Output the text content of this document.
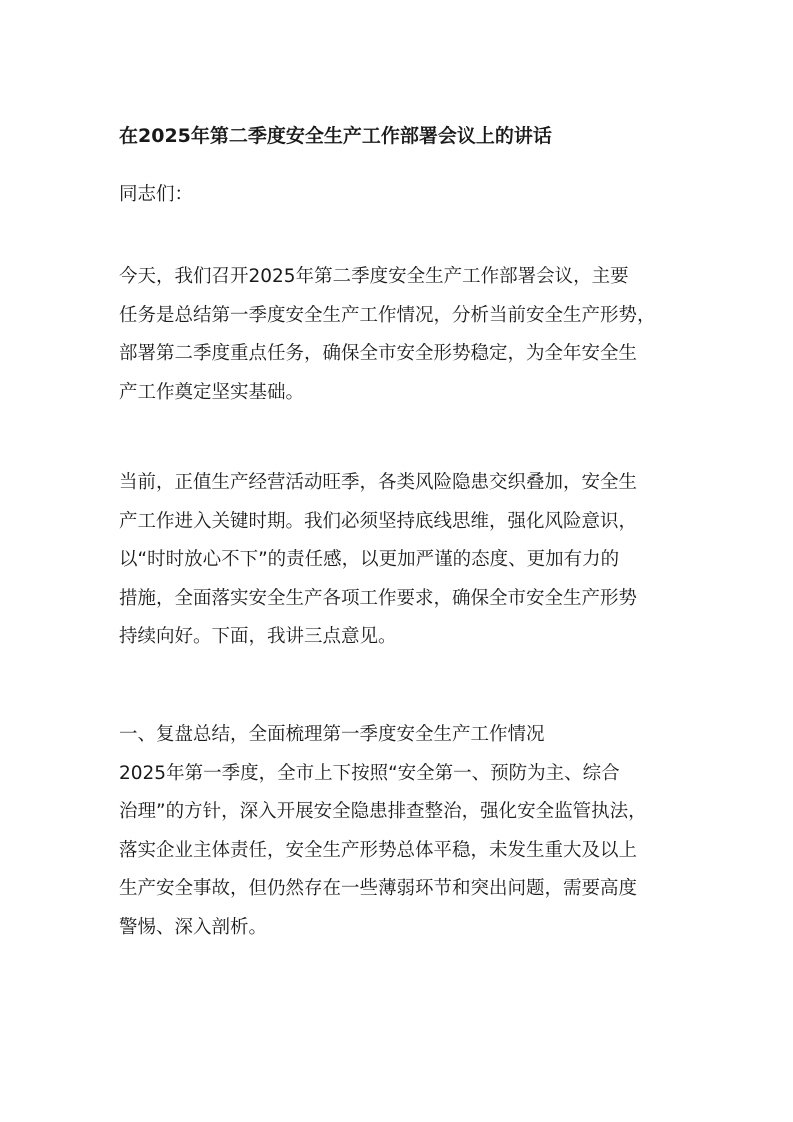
在2025年第二季度安全生产工作部署会议上的讲话
同志们：
今天，我们召开2025年第二季度安全生产工作部署会议，主要
任务是总结第一季度安全生产工作情况，分析当前安全生产形势，
部署第二季度重点任务，确保全市安全形势稳定，为全年安全生
产工作奠定坚实基础。
当前，正值生产经营活动旺季，各类风险隐患交织叠加，安全生
产工作进入关键时期。我们必须坚持底线思维，强化风险意识，
以“时时放心不下”的责任感，以更加严谨的态度、更加有力的
措施，全面落实安全生产各项工作要求，确保全市安全生产形势
持续向好。下面，我讲三点意见。
一、复盘总结，全面梳理第一季度安全生产工作情况
2025年第一季度，全市上下按照“安全第一、预防为主、综合
治理”的方针，深入开展安全隐患排查整治，强化安全监管执法，
落实企业主体责任，安全生产形势总体平稳，未发生重大及以上
生产安全事故，但仍然存在一些薄弱环节和突出问题，需要高度
警惕、深入剖析。
